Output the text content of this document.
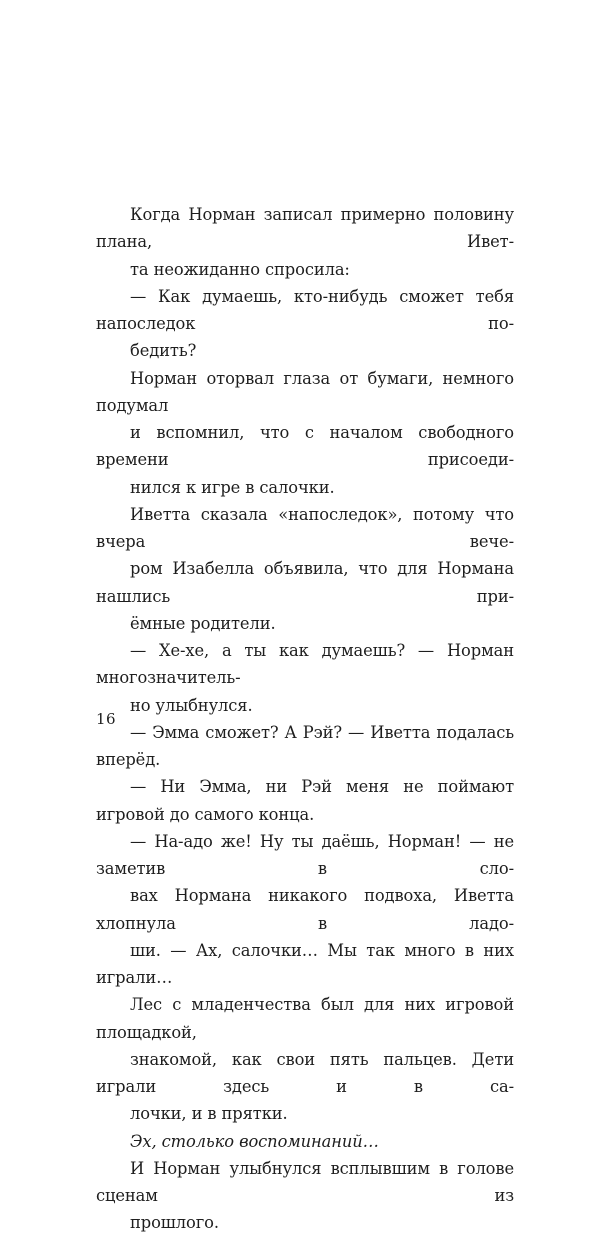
Когда Норман записал примерно половину плана, Ивет-
та неожиданно спросила:

— Как думаешь, кто-нибудь сможет тебя напоследок по-
бедить?

Норман оторвал глаза от бумаги, немного подумал
и вспомнил, что с началом свободного времени присоеди-
нился к игре в салочки.

Иветта сказала «напоследок», потому что вчера вече-
ром Изабелла объявила, что для Нормана нашлись при-
ёмные родители.

— Хе-хе, а ты как думаешь? — Норман многозначитель-
но улыбнулся.

— Эмма сможет? А Рэй? — Иветта подалась вперёд.

— Ни Эмма, ни Рэй меня не поймают игровой до самого конца.

— На-адо же! Ну ты даёшь, Норман! — не заметив в сло-
вах Нормана никакого подвоха, Иветта хлопнула в ладо-
ши. — Ах, салочки… Мы так много в них играли…

Лес с младенчества был для них игровой площадкой,
знакомой, как свои пять пальцев. Дети играли здесь и в са-
лочки, и в прятки.

Эх, столько воспоминаний…

И Норман улыбнулся всплывшим в голове сценам из
прошлого.

16
